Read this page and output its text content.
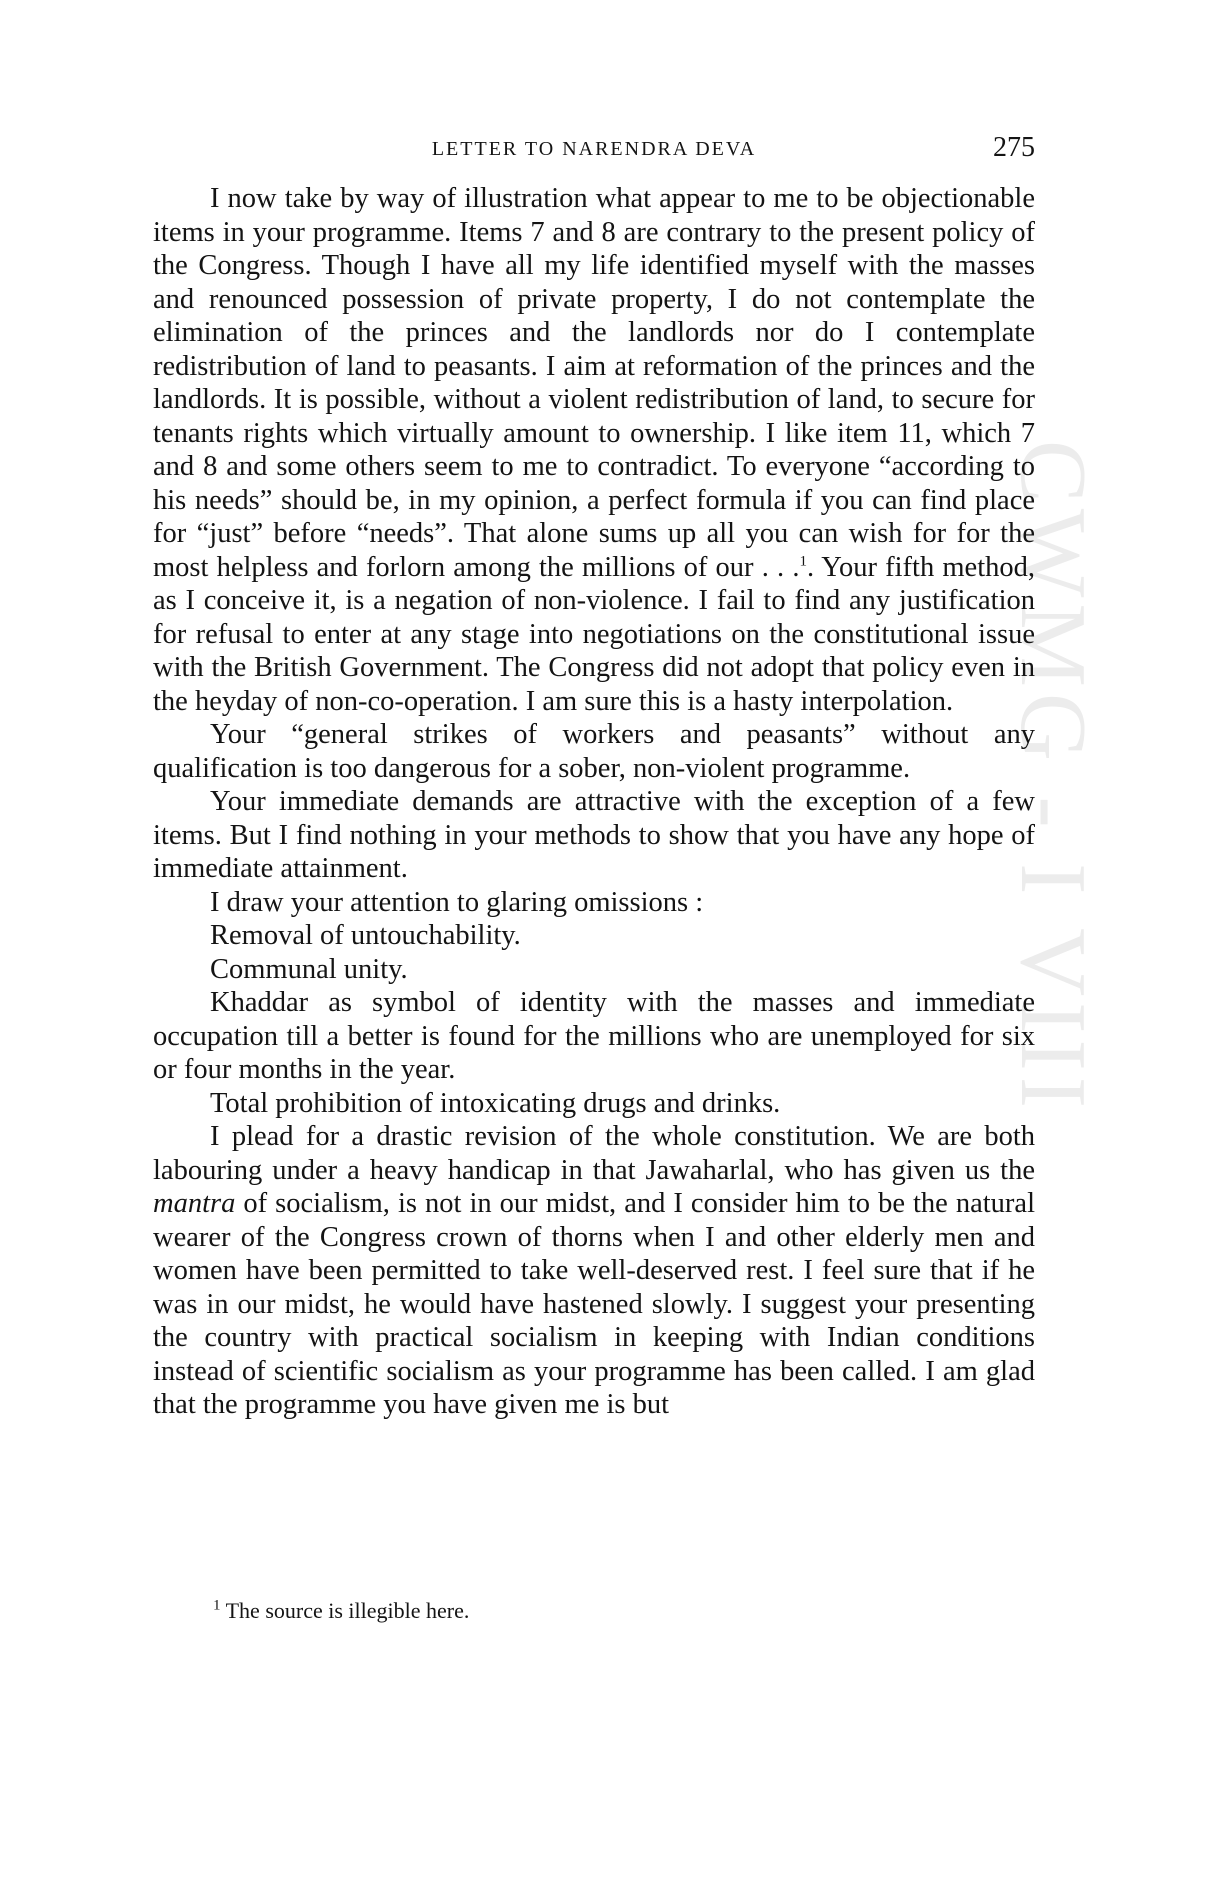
CWMG - I VIII
LETTER TO NARENDRA DEVA	275

I now take by way of illustration what appear to me to be objectionable items in your programme. Items 7 and 8 are contrary to the present policy of the Congress. Though I have all my life identified myself with the masses and renounced possession of private property, I do not contemplate the elimination of the princes and the landlords nor do I contemplate redistribution of land to peasants. I aim at reformation of the princes and the landlords. It is possible, without a violent redistribution of land, to secure for tenants rights which virtually amount to ownership. I like item 11, which 7 and 8 and some others seem to me to contradict. To everyone “according to his needs” should be, in my opinion, a perfect formula if you can find place for “just” before “needs”. That alone sums up all you can wish for for the most helpless and forlorn among the millions of our . . .$^1$. Your fifth method, as I conceive it, is a negation of non-violence. I fail to find any justification for refusal to enter at any stage into negotiations on the constitutional issue with the British Government. The Congress did not adopt that policy even in the heyday of non-co-operation. I am sure this is a hasty interpolation.

Your “general strikes of workers and peasants” without any qualification is too dangerous for a sober, non-violent programme.

Your immediate demands are attractive with the exception of a few items. But I find nothing in your methods to show that you have any hope of immediate attainment.

I draw your attention to glaring omissions :

Removal of untouchability.

Communal unity.

Khaddar as symbol of identity with the masses and immediate occupation till a better is found for the millions who are unemployed for six or four months in the year.

Total prohibition of intoxicating drugs and drinks.

I plead for a drastic revision of the whole constitution. We are both labouring under a heavy handicap in that Jawaharlal, who has given us the mantra of socialism, is not in our midst, and I consider him to be the natural wearer of the Congress crown of thorns when I and other elderly men and women have been permitted to take well-deserved rest. I feel sure that if he was in our midst, he would have hastened slowly. I suggest your presenting the country with practical socialism in keeping with Indian conditions instead of scientific socialism as your programme has been called. I am glad that the programme you have given me is but

$^1$ The source is illegible here.
